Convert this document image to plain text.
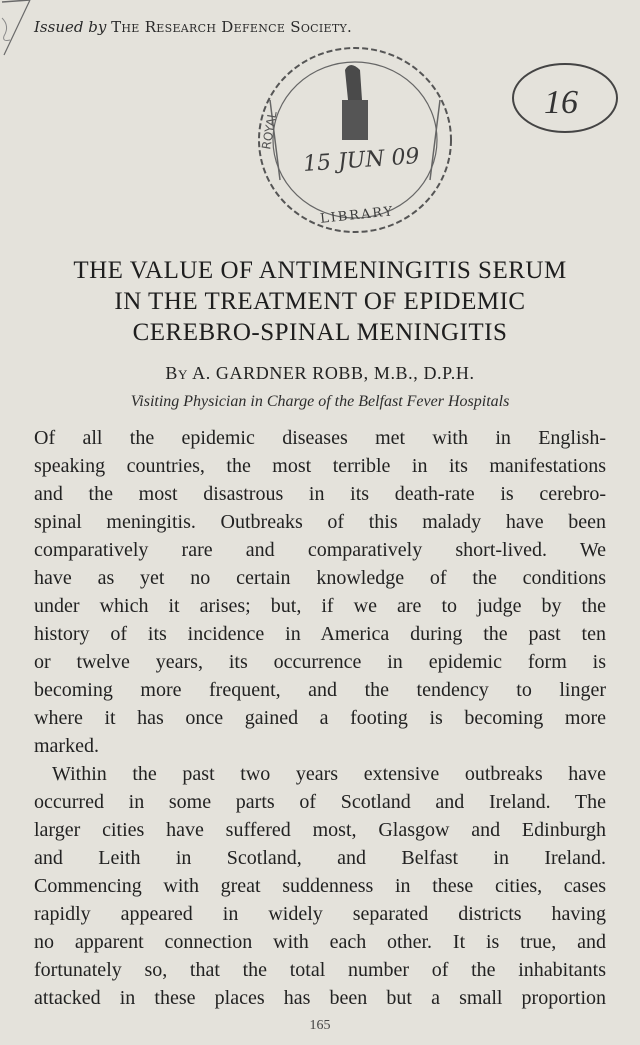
Issued by The Research Defence Society.
ROYAL
15 JUN 09
LIBRARY
16
THE VALUE OF ANTIMENINGITIS SERUM
IN THE TREATMENT OF EPIDEMIC
CEREBRO-SPINAL MENINGITIS
By A. GARDNER ROBB, M.B., D.P.H.
Visiting Physician in Charge of the Belfast Fever Hospitals
Of all the epidemic diseases met with in English-
speaking countries, the most terrible in its manifestations
and the most disastrous in its death-rate is cerebro-
spinal meningitis. Outbreaks of this malady have been
comparatively rare and comparatively short-lived. We
have as yet no certain knowledge of the conditions
under which it arises; but, if we are to judge by the
history of its incidence in America during the past ten
or twelve years, its occurrence in epidemic form is
becoming more frequent, and the tendency to linger
where it has once gained a footing is becoming more
marked.
Within the past two years extensive outbreaks have
occurred in some parts of Scotland and Ireland. The
larger cities have suffered most, Glasgow and Edinburgh
and Leith in Scotland, and Belfast in Ireland.
Commencing with great suddenness in these cities, cases
rapidly appeared in widely separated districts having
no apparent connection with each other. It is true, and
fortunately so, that the total number of the inhabitants
attacked in these places has been but a small proportion
165
